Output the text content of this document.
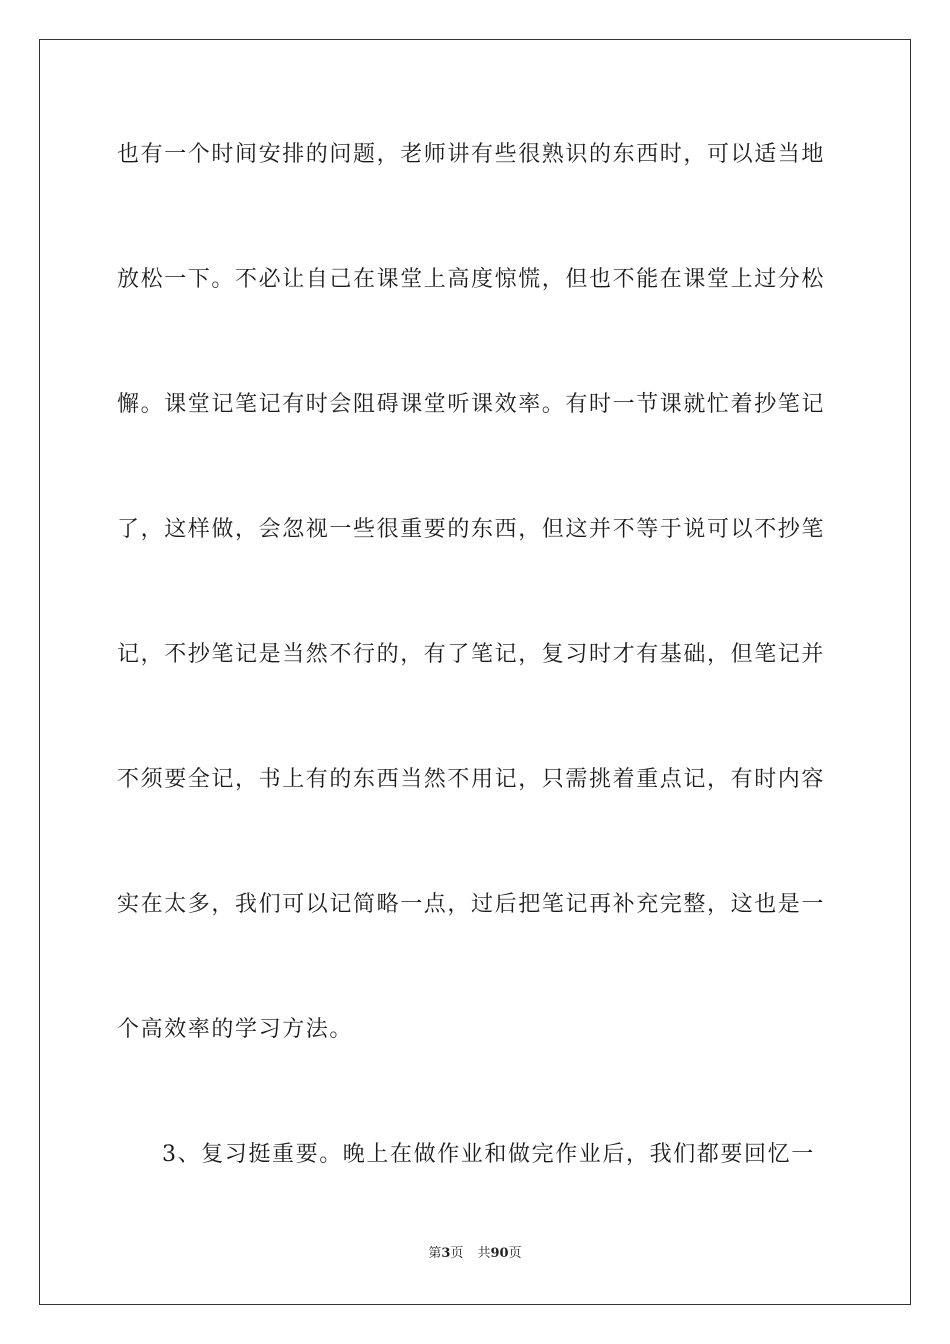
也有一个时间安排的问题，老师讲有些很熟识的东西时，可以适当地
放松一下。不必让自己在课堂上高度惊慌，但也不能在课堂上过分松
懈。课堂记笔记有时会阻碍课堂听课效率。有时一节课就忙着抄笔记
了，这样做，会忽视一些很重要的东西，但这并不等于说可以不抄笔
记，不抄笔记是当然不行的，有了笔记，复习时才有基础，但笔记并
不须要全记，书上有的东西当然不用记，只需挑着重点记，有时内容
实在太多，我们可以记简略一点，过后把笔记再补充完整，这也是一
个高效率的学习方法。
3、复习挺重要。晚上在做作业和做完作业后，我们都要回忆一
第3页 共90页
